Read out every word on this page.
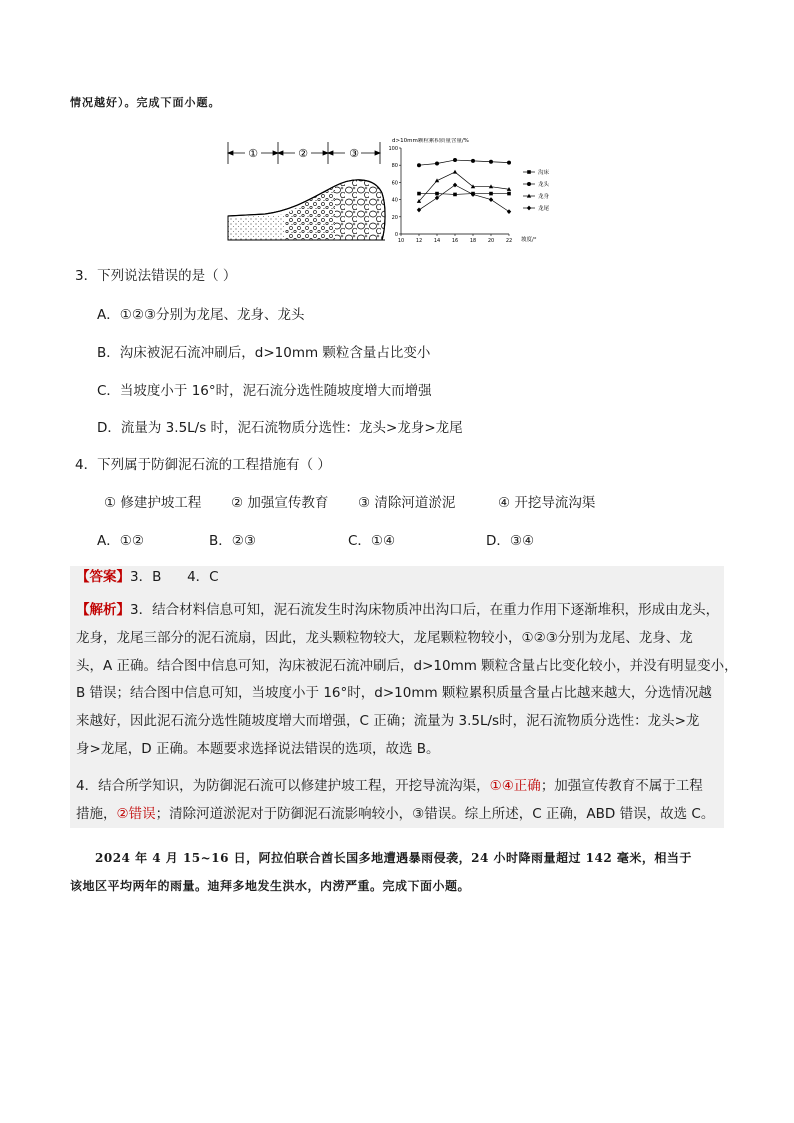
情况越好）。完成下面小题。
①	②	③
d>10mm颗粒累积质量含量/%
坡度/°
0
20
40
60
80
100
10 12 14 16 18 20 22
沟床
龙头
龙身
龙尾
3．下列说法错误的是（ ）
A．①②③分别为龙尾、龙身、龙头
B．沟床被泥石流冲刷后，d>10mm 颗粒含量占比变小
C．当坡度小于 16°时，泥石流分选性随坡度增大而增强
D．流量为 3.5L/s 时，泥石流物质分选性：龙头>龙身>龙尾
4．下列属于防御泥石流的工程措施有（ ）
① 修建护坡工程 ② 加强宣传教育 ③ 清除河道淤泥	④ 开挖导流沟渠
A．①②	B．②③	C．①④	D．③④
【答案】3．B      4．C
【解析】3．结合材料信息可知，泥石流发生时沟床物质冲出沟口后，在重力作用下逐渐堆积，形成由龙头，
龙身，龙尾三部分的泥石流扇，因此，龙头颗粒物较大，龙尾颗粒物较小，①②③分别为龙尾、龙身、龙
头，A 正确。结合图中信息可知，沟床被泥石流冲刷后，d>10mm 颗粒含量占比变化较小，并没有明显变小，
B 错误；结合图中信息可知，当坡度小于 16°时，d>10mm 颗粒累积质量含量占比越来越大，分选情况越
来越好，因此泥石流分选性随坡度增大而增强，C 正确；流量为 3.5L/s时，泥石流物质分选性：龙头>龙
身>龙尾，D 正确。本题要求选择说法错误的选项，故选 B。
4．结合所学知识，为防御泥石流可以修建护坡工程，开挖导流沟渠，①④正确；加强宣传教育不属于工程
措施，②错误；清除河道淤泥对于防御泥石流影响较小，③错误。综上所述，C 正确，ABD 错误，故选 C。
　　2024 年 4 月 15~16 日，阿拉伯联合酋长国多地遭遇暴雨侵袭，24 小时降雨量超过 142 毫米，相当于
该地区平均两年的雨量。迪拜多地发生洪水，内涝严重。完成下面小题。
